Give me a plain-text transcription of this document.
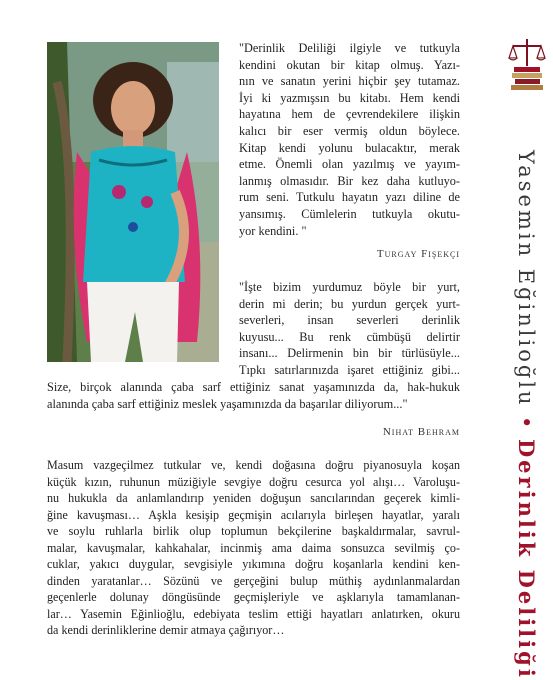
"Derinlik Deliliği ilgiyle ve tutkuyla
kendini okutan bir kitap olmuş. Yazı-
nın ve sanatın yerini hiçbir şey tutamaz.
İyi ki yazmışsın bu kitabı. Hem kendi
hayatına hem de çevrendekilere ilişkin
kalıcı bir eser vermiş oldun böylece.
Kitap kendi yolunu bulacaktır, merak
etme. Önemli olan yazılmış ve yayım-
lanmış olmasıdır. Bir kez daha kutluyo-
rum seni. Tutkulu hayatın yazı diline de
yansımış. Cümlelerin tutkuyla okutu-
yor kendini. "
Turgay Fişekçi
"İşte bizim yurdumuz böyle bir yurt,
derin mi derin; bu yurdun gerçek yurt-
severleri, insan severleri derinlik
kuyusu... Bu renk cümbüşü delirtir
insanı... Delirmenin bin bir türlüsüyle...
Tıpkı satırlarınızda işaret ettiğiniz gibi...
Size, birçok alanında çaba sarf ettiğiniz sanat yaşamınızda da, hak-hukuk
alanında çaba sarf ettiğiniz meslek yaşamınızda da başarılar diliyorum..."
Nihat Behram
Masum vazgeçilmez tutkular ve, kendi doğasına doğru piyanosuyla koşan
küçük kızın, ruhunun müziğiyle sevgiye doğru cesurca yol alışı… Varoluşu-
nu hukukla da anlamlandırıp yeniden doğuşun sancılarından geçerek kimli-
ğine kavuşması… Aşkla kesişip geçmişin acılarıyla birleşen hayatlar, yaralı
ve soylu ruhlarla birlik olup toplumun bekçilerine başkaldırmalar, savrul-
malar, kavuşmalar, kahkahalar, incinmiş ama daima sonsuzca sevilmiş ço-
cuklar, yakıcı duygular, sevgisiyle yıkımına doğru koşanlarla kendini ken-
dinden yaratanlar… Sözünü ve gerçeğini bulup müthiş aydınlanmalardan
geçenlerle dolunay döngüsünde geçmişleriyle ve aşklarıyla tamamlanan-
lar… Yasemin Eğinlioğlu, edebiyata teslim ettiği hayatları anlatırken, okuru
da kendi derinliklerine demir atmaya çağırıyor…
Yasemin Eğinlioğlu•Derinlik Deliliği
